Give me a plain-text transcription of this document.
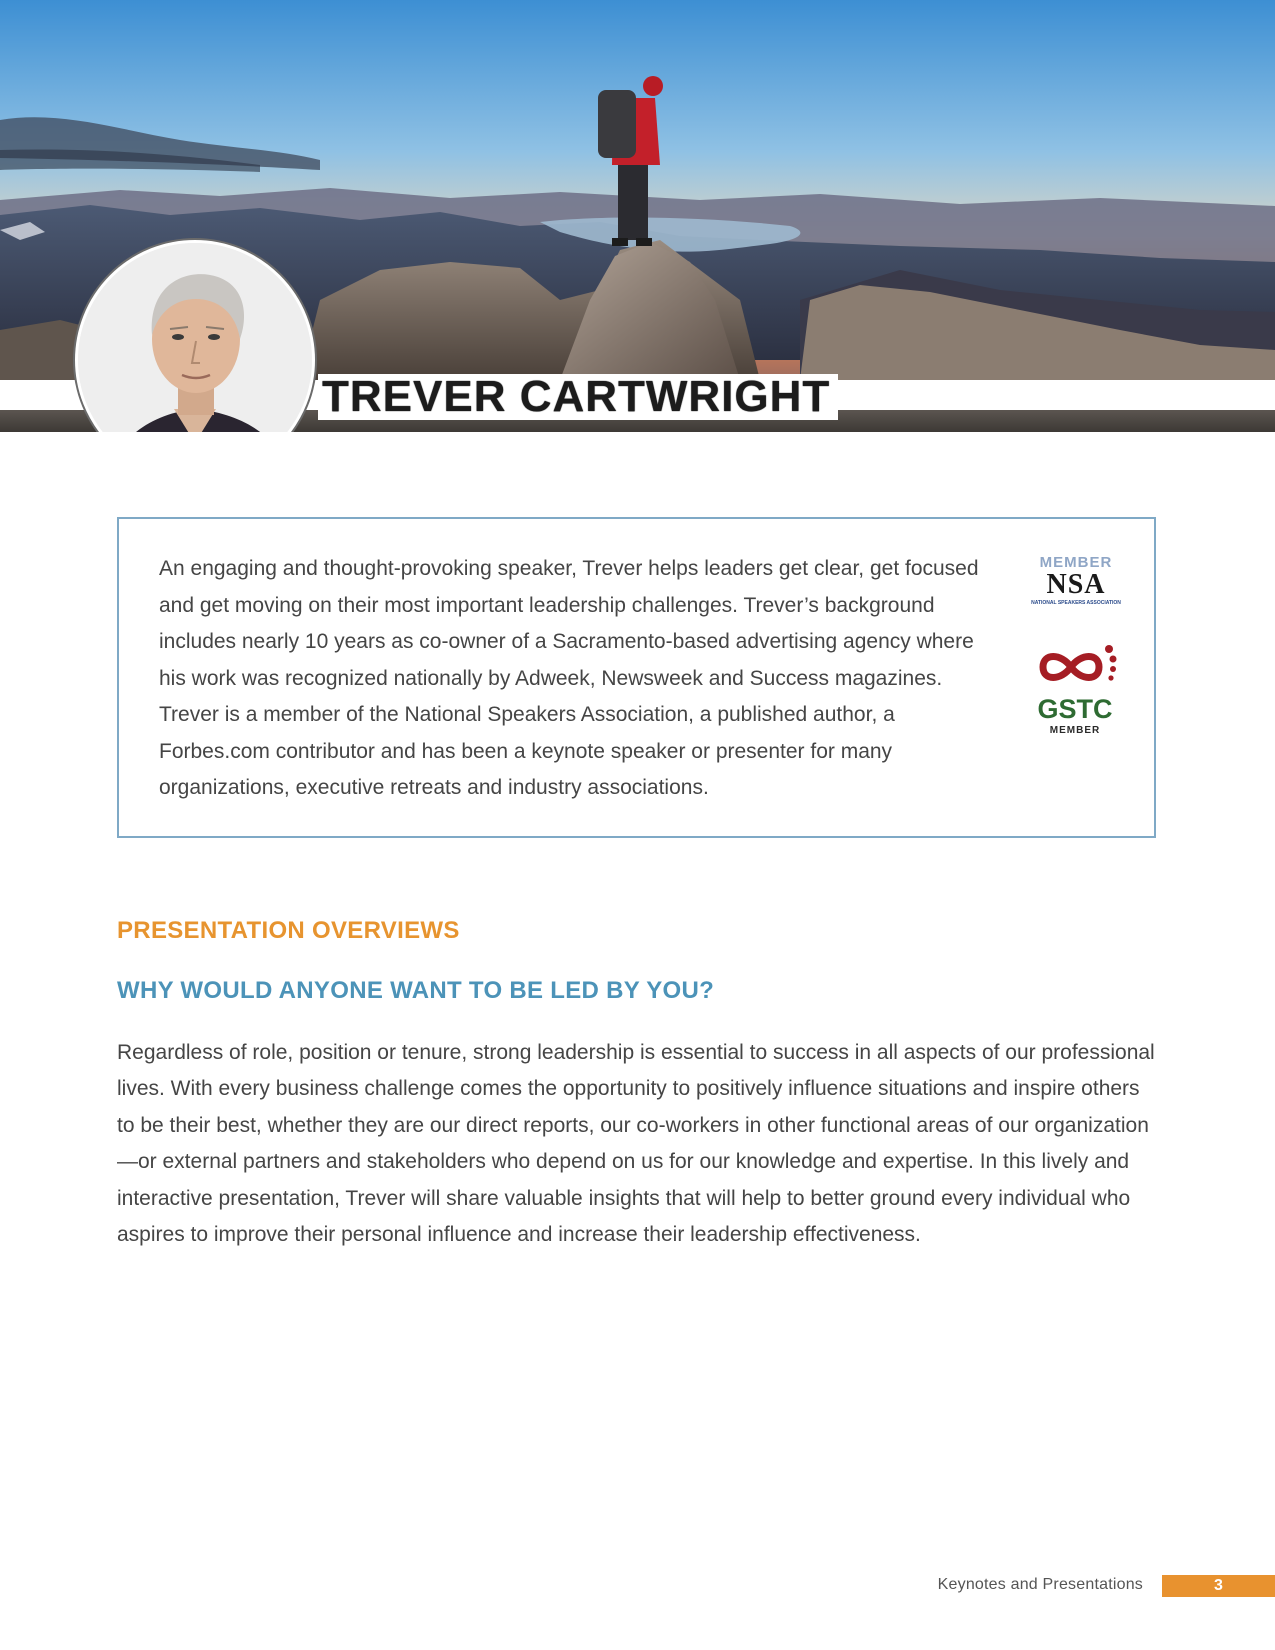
TREVER CARTWRIGHT

An engaging and thought-provoking speaker, Trever helps leaders get clear, get focused and get moving on their most important leadership challenges. Trever’s background includes nearly 10 years as co-owner of a Sacramento-based advertising agency where his work was recognized nationally by Adweek, Newsweek and Success magazines. Trever is a member of the National Speakers Association, a published author, a Forbes.com contributor and has been a keynote speaker or presenter for many organizations, executive retreats and industry associations.

MEMBER
NSA
NATIONAL SPEAKERS ASSOCIATION
GSTC
MEMBER
PRESENTATION OVERVIEWS
WHY WOULD ANYONE WANT TO BE LED BY YOU?

Regardless of role, position or tenure, strong leadership is essential to success in all aspects of our professional lives. With every business challenge comes the opportunity to positively influence situations and inspire others to be their best, whether they are our direct reports, our co-workers in other functional areas of our organization—or external partners and stakeholders who depend on us for our knowledge and expertise. In this lively and interactive presentation, Trever will share valuable insights that will help to better ground every individual who aspires to improve their personal influence and increase their leadership effectiveness.

Keynotes and Presentations	3
